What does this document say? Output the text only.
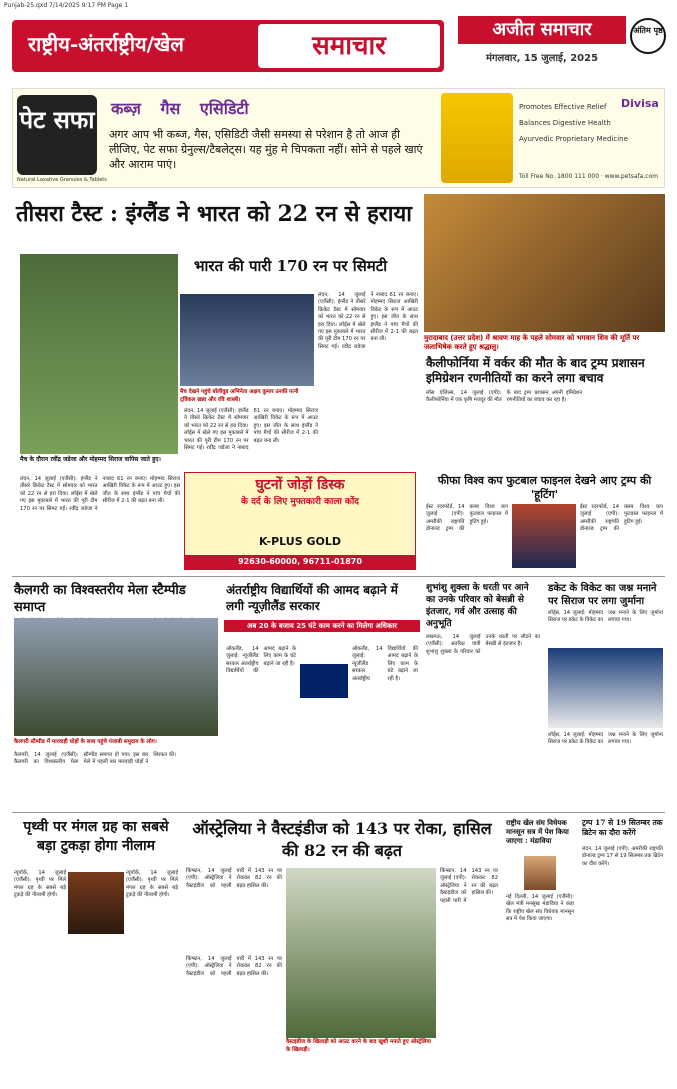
Punjab-25.qxd 7/14/2025 9:17 PM Page 1
राष्ट्रीय-अंतर्राष्ट्रीय/खेल	समाचार
अजीत समाचार
मंगलवार, 15 जुलाई, 2025
अंतिम पृष्ठ
पेट सफा
Natural Laxative Granules & Tablets
कब्ज़ गैस एसिडिटी
अगर आप भी कब्ज, गैस, एसिडिटी जैसी समस्या से परेशान है तो आज ही लीजिए, पेट सफा ग्रेनुल्स/टैबलेट्स। यह मुंह मे चिपकता नहीं। सोने से पहले खाएं और आराम पाएं।
Promotes Effective Relief
Balances Digestive Health
Ayurvedic Proprietary Medicine
Divisa
Toll Free No. 1800 111 000 · www.petsafa.com
तीसरा टैस्ट : इंग्लैंड ने भारत को 22 रन से हराया
मैच के दौरान रवींद्र जडेजा और मोहम्मद सिराज वापिस जाते हुए।
भारत की पारी 170 रन पर सिमटी
मैच देखने पहुंचे बॉलीवुड अभिनेता अक्षय कुमार उनकी पत्नी ट्विंकल खन्ना और रवि शास्त्री।
लंदन, 14 जुलाई (एजैंसी): इंग्लैंड ने तीसरे क्रिकेट टैस्ट में सोमवार को भारत को 22 रन से हरा दिया। लॉर्ड्स में खेले गए इस मुकाबले में भारत की पूरी टीम 170 रन पर सिमट गई। रवींद्र जडेजा ने नाबाद 61 रन बनाए। मोहम्मद सिराज आखिरी विकेट के रूप में आउट हुए। इस जीत के साथ इंग्लैंड ने पांच मैचों की सीरीज में 2-1 की बढ़त बना ली।
लंदन, 14 जुलाई (एजैंसी): इंग्लैंड ने तीसरे क्रिकेट टैस्ट में सोमवार को भारत को 22 रन से हरा दिया। लॉर्ड्स में खेले गए इस मुकाबले में भारत की पूरी टीम 170 रन पर सिमट गई। रवींद्र जडेजा ने नाबाद 61 रन बनाए। मोहम्मद सिराज आखिरी विकेट के रूप में आउट हुए। इस जीत के साथ इंग्लैंड ने पांच मैचों की सीरीज में 2-1 की बढ़त बना ली।
लंदन, 14 जुलाई (एजैंसी): इंग्लैंड ने तीसरे क्रिकेट टैस्ट में सोमवार को भारत को 22 रन से हरा दिया। लॉर्ड्स में खेले गए इस मुकाबले में भारत की पूरी टीम 170 रन पर सिमट गई। रवींद्र जडेजा ने नाबाद 61 रन बनाए। मोहम्मद सिराज आखिरी विकेट के रूप में आउट हुए। इस जीत के साथ इंग्लैंड ने पांच मैचों की सीरीज में 2-1 की बढ़त बना ली।
घुटनों जोड़ों डिस्क
के दर्द के लिए मुफ्तकारी काला कोंद
K-PLUS GOLD
92630-60000, 96711-01870
मुरादाबाद (उत्तर प्रदेश) में श्रावण माह के पहले सोमवार को भगवान शिव की मूर्ति पर जलाभिषेक करते हुए श्रद्धालु।
कैलीफोर्निया में वर्कर की मौत के बाद ट्रम्प प्रशासन इमिग्रेशन रणनीतियों का करने लगा बचाव
लॉस एंजिल्स, 14 जुलाई (एपी): कैलीफोर्निया में एक कृषि मजदूर की मौत के बाद ट्रम्प प्रशासन अपनी इमिग्रेशन रणनीतियों का बचाव कर रहा है।
फीफा विश्व कप फुटबाल फाइनल देखने आए ट्रम्प की 'हूटिंग'
ईस्ट रदरफोर्ड, 14 जुलाई (एपी): अमरीकी राष्ट्रपति डोनाल्ड ट्रम्प की क्लब विश्व कप फुटबाल फाइनल में हूटिंग हुई।
ईस्ट रदरफोर्ड, 14 जुलाई (एपी): अमरीकी राष्ट्रपति डोनाल्ड ट्रम्प की क्लब विश्व कप फुटबाल फाइनल में हूटिंग हुई।
कैलगरी का विश्वस्तरीय मेला स्टैम्पीड समाप्त
कैलगरी स्टैम्पीड में मारवाड़ी घोड़ों के साथ पहुंचे पंजाबी समुदाय के लोग।
कैलगरी, 14 जुलाई (एजैंसी): कैलगरी का विश्वस्तरीय मेला स्टैम्पीड समाप्त हो गया। इस बार मेले में पहली बार मारवाड़ी घोड़ों ने शिरकत की।
अंतर्राष्ट्रीय विद्यार्थियों की आमद बढ़ाने में लगी न्यूज़ीलैंड सरकार
अब 20 के बजाय 25 घंटे काम करने का मिलेगा अधिकार
ऑकलैंड, 14 जुलाई: न्यूजीलैंड सरकार अंतर्राष्ट्रीय विद्यार्थियों की आमद बढ़ाने के लिए काम के घंटे बढ़ाने जा रही है।
ऑकलैंड, 14 जुलाई: न्यूजीलैंड सरकार अंतर्राष्ट्रीय विद्यार्थियों की आमद बढ़ाने के लिए काम के घंटे बढ़ाने जा रही है।
शुभांशु शुक्ला के धरती पर आने का उनके परिवार को बेसब्री से इंतजार, गर्व और उत्साह की अनुभूति
लखनऊ, 14 जुलाई (एजैंसी): अंतरिक्ष यात्री शुभांशु शुक्ला के परिवार को उनके धरती पर लौटने का बेसब्री से इंतजार है।
डकेट के विकेट का जश्न मनाने पर सिराज पर लगा जुर्माना
लॉर्ड्स, 14 जुलाई: मोहम्मद सिराज पर डकेट के विकेट का जश्न मनाने के लिए जुर्माना लगाया गया।
लॉर्ड्स, 14 जुलाई: मोहम्मद सिराज पर डकेट के विकेट का जश्न मनाने के लिए जुर्माना लगाया गया।
पृथ्वी पर मंगल ग्रह का सबसे बड़ा टुकड़ा होगा नीलाम
न्यूयॉर्क, 14 जुलाई (एजैंसी): पृथ्वी पर मिले मंगल ग्रह के सबसे बड़े टुकड़े की नीलामी होगी।
न्यूयॉर्क, 14 जुलाई (एजैंसी): पृथ्वी पर मिले मंगल ग्रह के सबसे बड़े टुकड़े की नीलामी होगी।
ऑस्ट्रेलिया ने वैस्टइंडीज को 143 पर रोका, हासिल की 82 रन की बढ़त
किंग्स्टन, 14 जुलाई (एपी): ऑस्ट्रेलिया ने वैस्टइंडीज को पहली पारी में 143 रन पर रोककर 82 रन की बढ़त हासिल की।
वैस्टइंडीज के खिलाड़ी को आउट करने के बाद खुशी मनाते हुए ऑस्ट्रेलिया के खिलाड़ी।
किंग्स्टन, 14 जुलाई (एपी): ऑस्ट्रेलिया ने वैस्टइंडीज को पहली पारी में 143 रन पर रोककर 82 रन की बढ़त हासिल की।
किंग्स्टन, 14 जुलाई (एपी): ऑस्ट्रेलिया ने वैस्टइंडीज को पहली पारी में 143 रन पर रोककर 82 रन की बढ़त हासिल की।
राष्ट्रीय खेल संघ विधेयक मानसून सत्र में पेश किया जाएगा : मंडाविया
नई दिल्ली, 14 जुलाई (एजैंसी): खेल मंत्री मनसुख मंडाविया ने कहा कि राष्ट्रीय खेल संघ विधेयक मानसून सत्र में पेश किया जाएगा।
ट्रम्प 17 से 19 सितम्बर तक ब्रिटेन का दौरा करेंगे
लंदन, 14 जुलाई (एपी): अमरीकी राष्ट्रपति डोनाल्ड ट्रम्प 17 से 19 सितम्बर तक ब्रिटेन का दौरा करेंगे।
